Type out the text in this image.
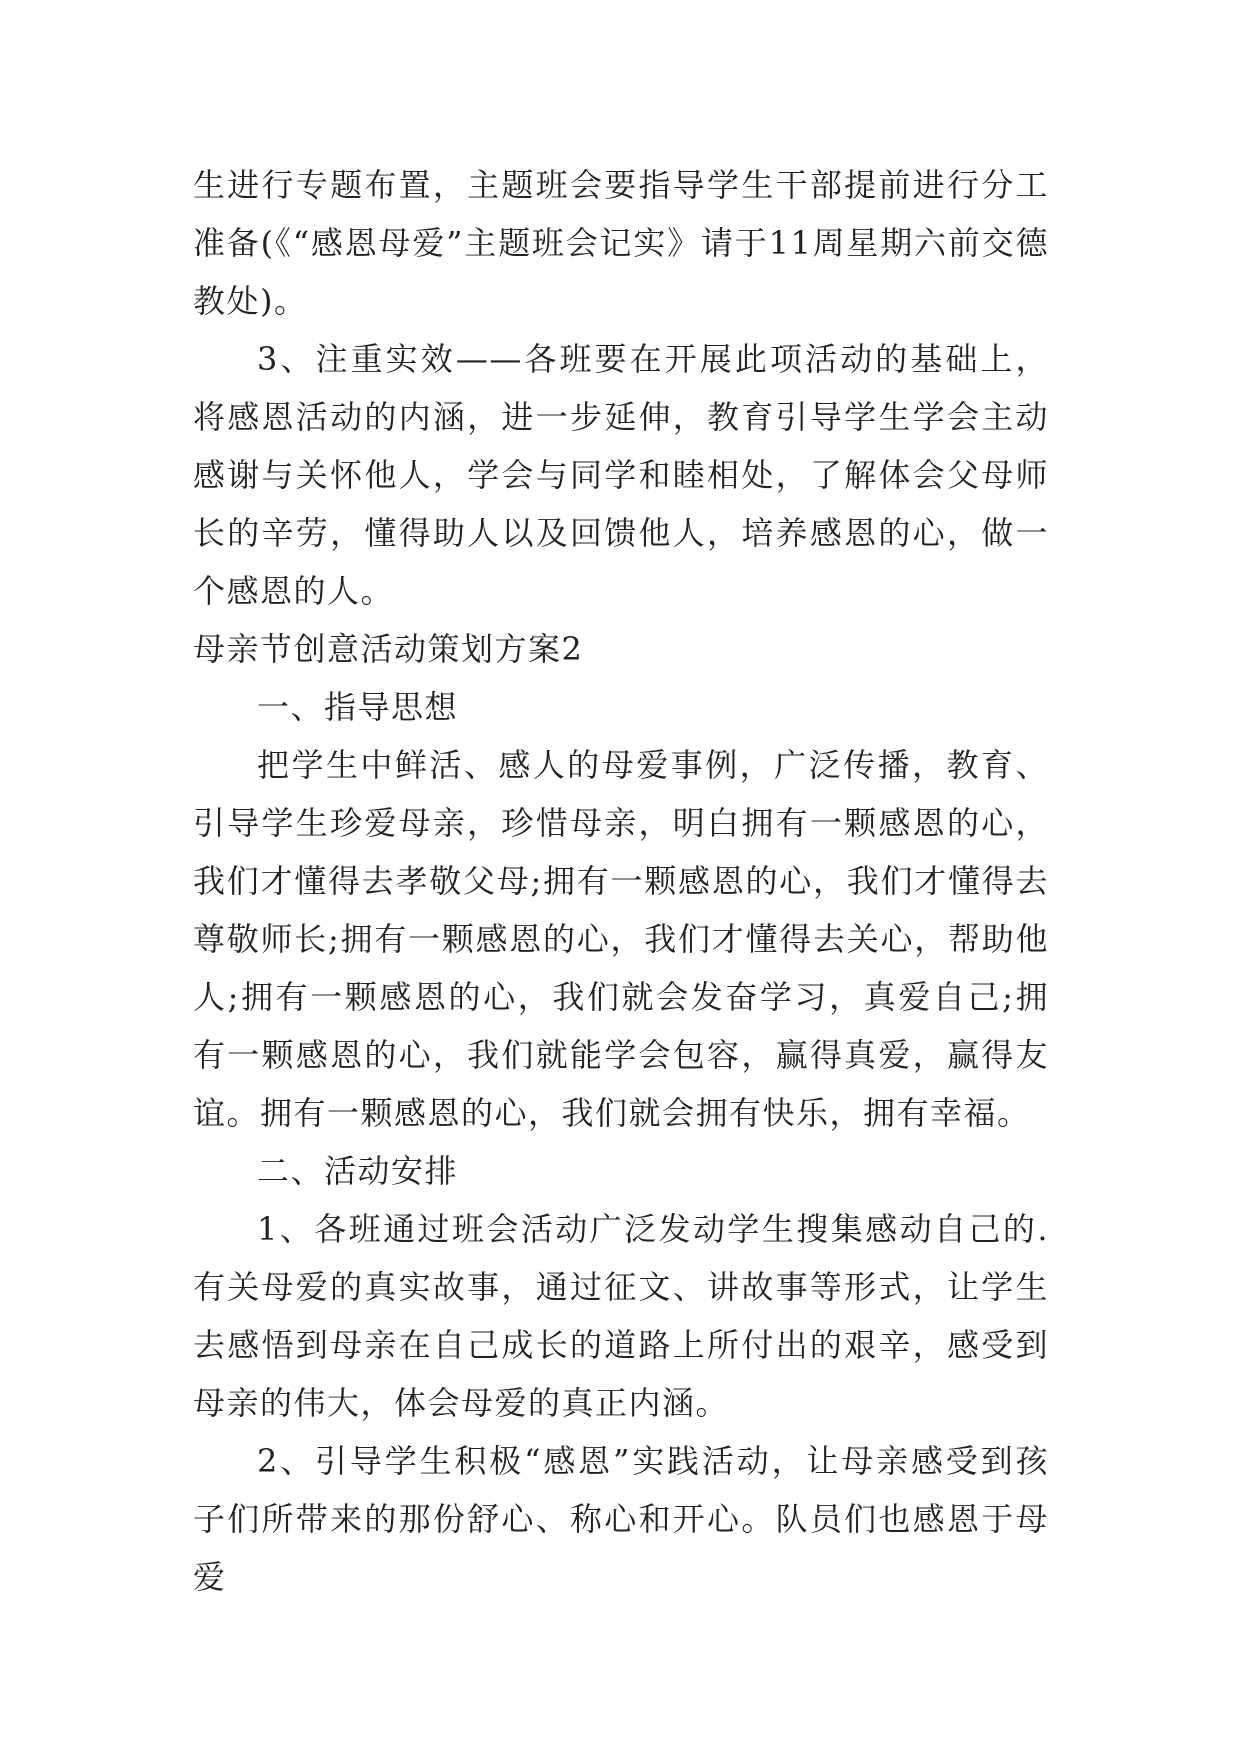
生进行专题布置，主题班会要指导学生干部提前进行分工准备(《“感恩母爱”主题班会记实》请于11周星期六前交德教处)。

3、注重实效——各班要在开展此项活动的基础上，将感恩活动的内涵，进一步延伸，教育引导学生学会主动感谢与关怀他人，学会与同学和睦相处，了解体会父母师长的辛劳，懂得助人以及回馈他人，培养感恩的心，做一个感恩的人。

母亲节创意活动策划方案2

一、指导思想

把学生中鲜活、感人的母爱事例，广泛传播，教育、引导学生珍爱母亲，珍惜母亲，明白拥有一颗感恩的心，我们才懂得去孝敬父母;拥有一颗感恩的心，我们才懂得去尊敬师长;拥有一颗感恩的心，我们才懂得去关心，帮助他人;拥有一颗感恩的心，我们就会发奋学习，真爱自己;拥有一颗感恩的心，我们就能学会包容，赢得真爱，赢得友谊。拥有一颗感恩的心，我们就会拥有快乐，拥有幸福。

二、活动安排

1、各班通过班会活动广泛发动学生搜集感动自己的.有关母爱的真实故事，通过征文、讲故事等形式，让学生去感悟到母亲在自己成长的道路上所付出的艰辛，感受到母亲的伟大，体会母爱的真正内涵。

2、引导学生积极“感恩”实践活动，让母亲感受到孩子们所带来的那份舒心、称心和开心。队员们也感恩于母爱
